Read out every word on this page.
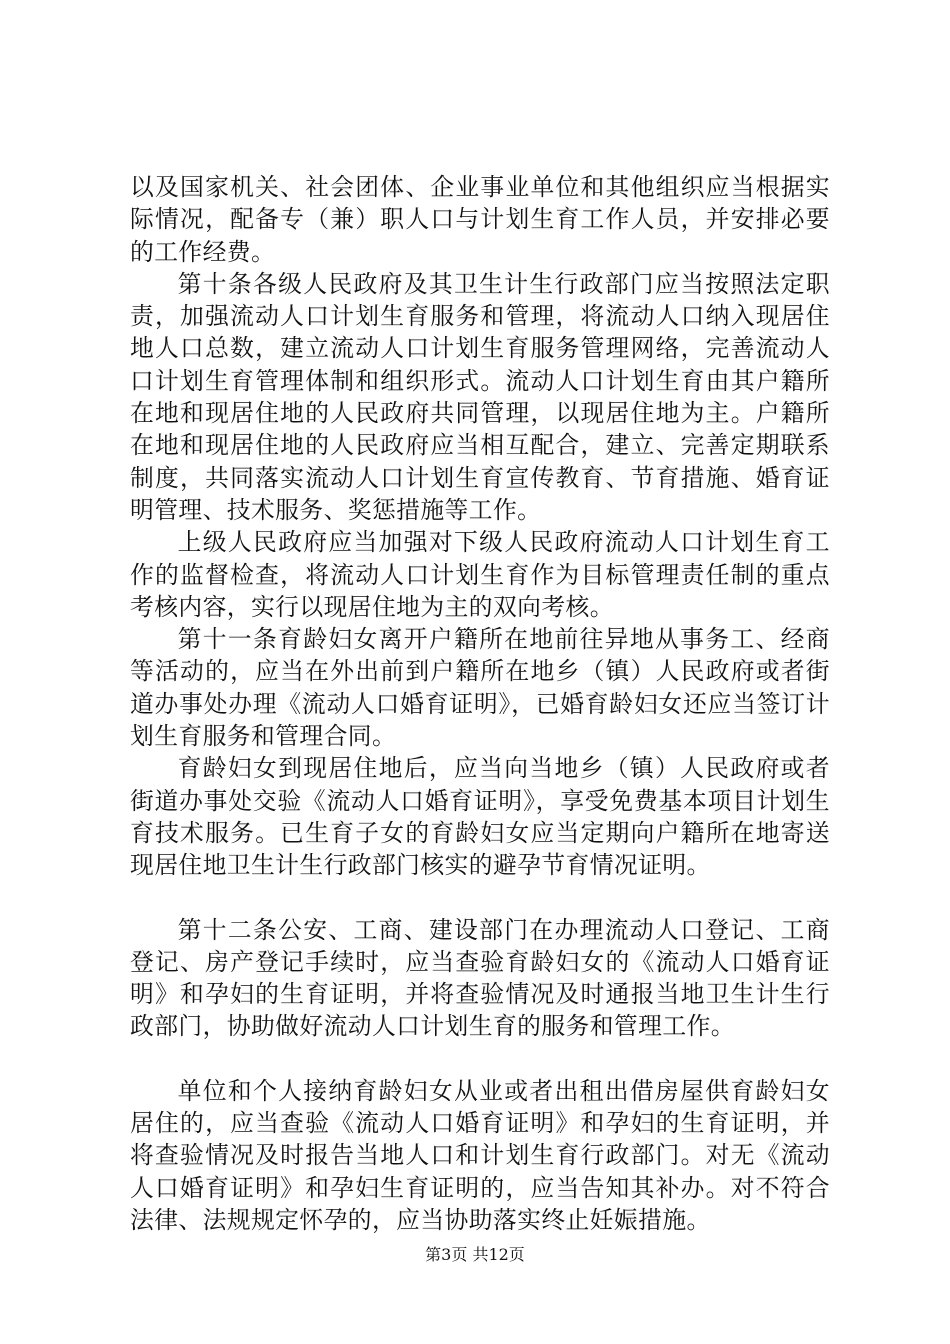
以及国家机关、社会团体、企业事业单位和其他组织应当根据实际情况，配备专（兼）职人口与计划生育工作人员，并安排必要的工作经费。

第十条各级人民政府及其卫生计生行政部门应当按照法定职责，加强流动人口计划生育服务和管理，将流动人口纳入现居住地人口总数，建立流动人口计划生育服务管理网络，完善流动人口计划生育管理体制和组织形式。流动人口计划生育由其户籍所在地和现居住地的人民政府共同管理，以现居住地为主。户籍所在地和现居住地的人民政府应当相互配合，建立、完善定期联系制度，共同落实流动人口计划生育宣传教育、节育措施、婚育证明管理、技术服务、奖惩措施等工作。

上级人民政府应当加强对下级人民政府流动人口计划生育工作的监督检查，将流动人口计划生育作为目标管理责任制的重点考核内容，实行以现居住地为主的双向考核。

第十一条育龄妇女离开户籍所在地前往异地从事务工、经商等活动的，应当在外出前到户籍所在地乡（镇）人民政府或者街道办事处办理《流动人口婚育证明》，已婚育龄妇女还应当签订计划生育服务和管理合同。

育龄妇女到现居住地后，应当向当地乡（镇）人民政府或者街道办事处交验《流动人口婚育证明》，享受免费基本项目计划生育技术服务。已生育子女的育龄妇女应当定期向户籍所在地寄送现居住地卫生计生行政部门核实的避孕节育情况证明。

第十二条公安、工商、建设部门在办理流动人口登记、工商登记、房产登记手续时，应当查验育龄妇女的《流动人口婚育证明》和孕妇的生育证明，并将查验情况及时通报当地卫生计生行政部门，协助做好流动人口计划生育的服务和管理工作。

单位和个人接纳育龄妇女从业或者出租出借房屋供育龄妇女居住的，应当查验《流动人口婚育证明》和孕妇的生育证明，并将查验情况及时报告当地人口和计划生育行政部门。对无《流动人口婚育证明》和孕妇生育证明的，应当告知其补办。对不符合法律、法规规定怀孕的，应当协助落实终止妊娠措施。

第3页 共12页
